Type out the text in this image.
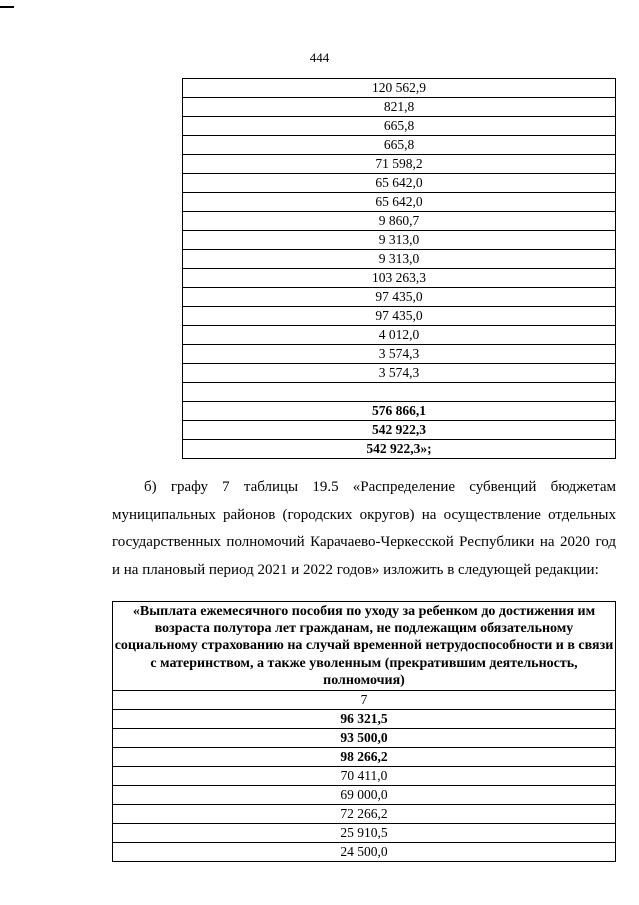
444
120 562,9
821,8
665,8
665,8
71 598,2
65 642,0
65 642,0
9 860,7
9 313,0
9 313,0
103 263,3
97 435,0
97 435,0
4 012,0
3 574,3
3 574,3

576 866,1
542 922,3
542 922,3»;
б) графу 7 таблицы 19.5 «Распределение субвенций бюджетам муниципальных районов (городских округов) на осуществление отдельных государственных полномочий Карачаево-Черкесской Республики на 2020 год и на плановый период 2021 и 2022 годов» изложить в следующей редакции:
«Выплата ежемесячного пособия по уходу за ребенком до достижения им возраста полутора лет гражданам, не подлежащим обязательному социальному страхованию на случай временной нетрудоспособности и в связи с материнством, а также уволенным (прекратившим деятельность, полномочия)
7
96 321,5
93 500,0
98 266,2
70 411,0
69 000,0
72 266,2
25 910,5
24 500,0
